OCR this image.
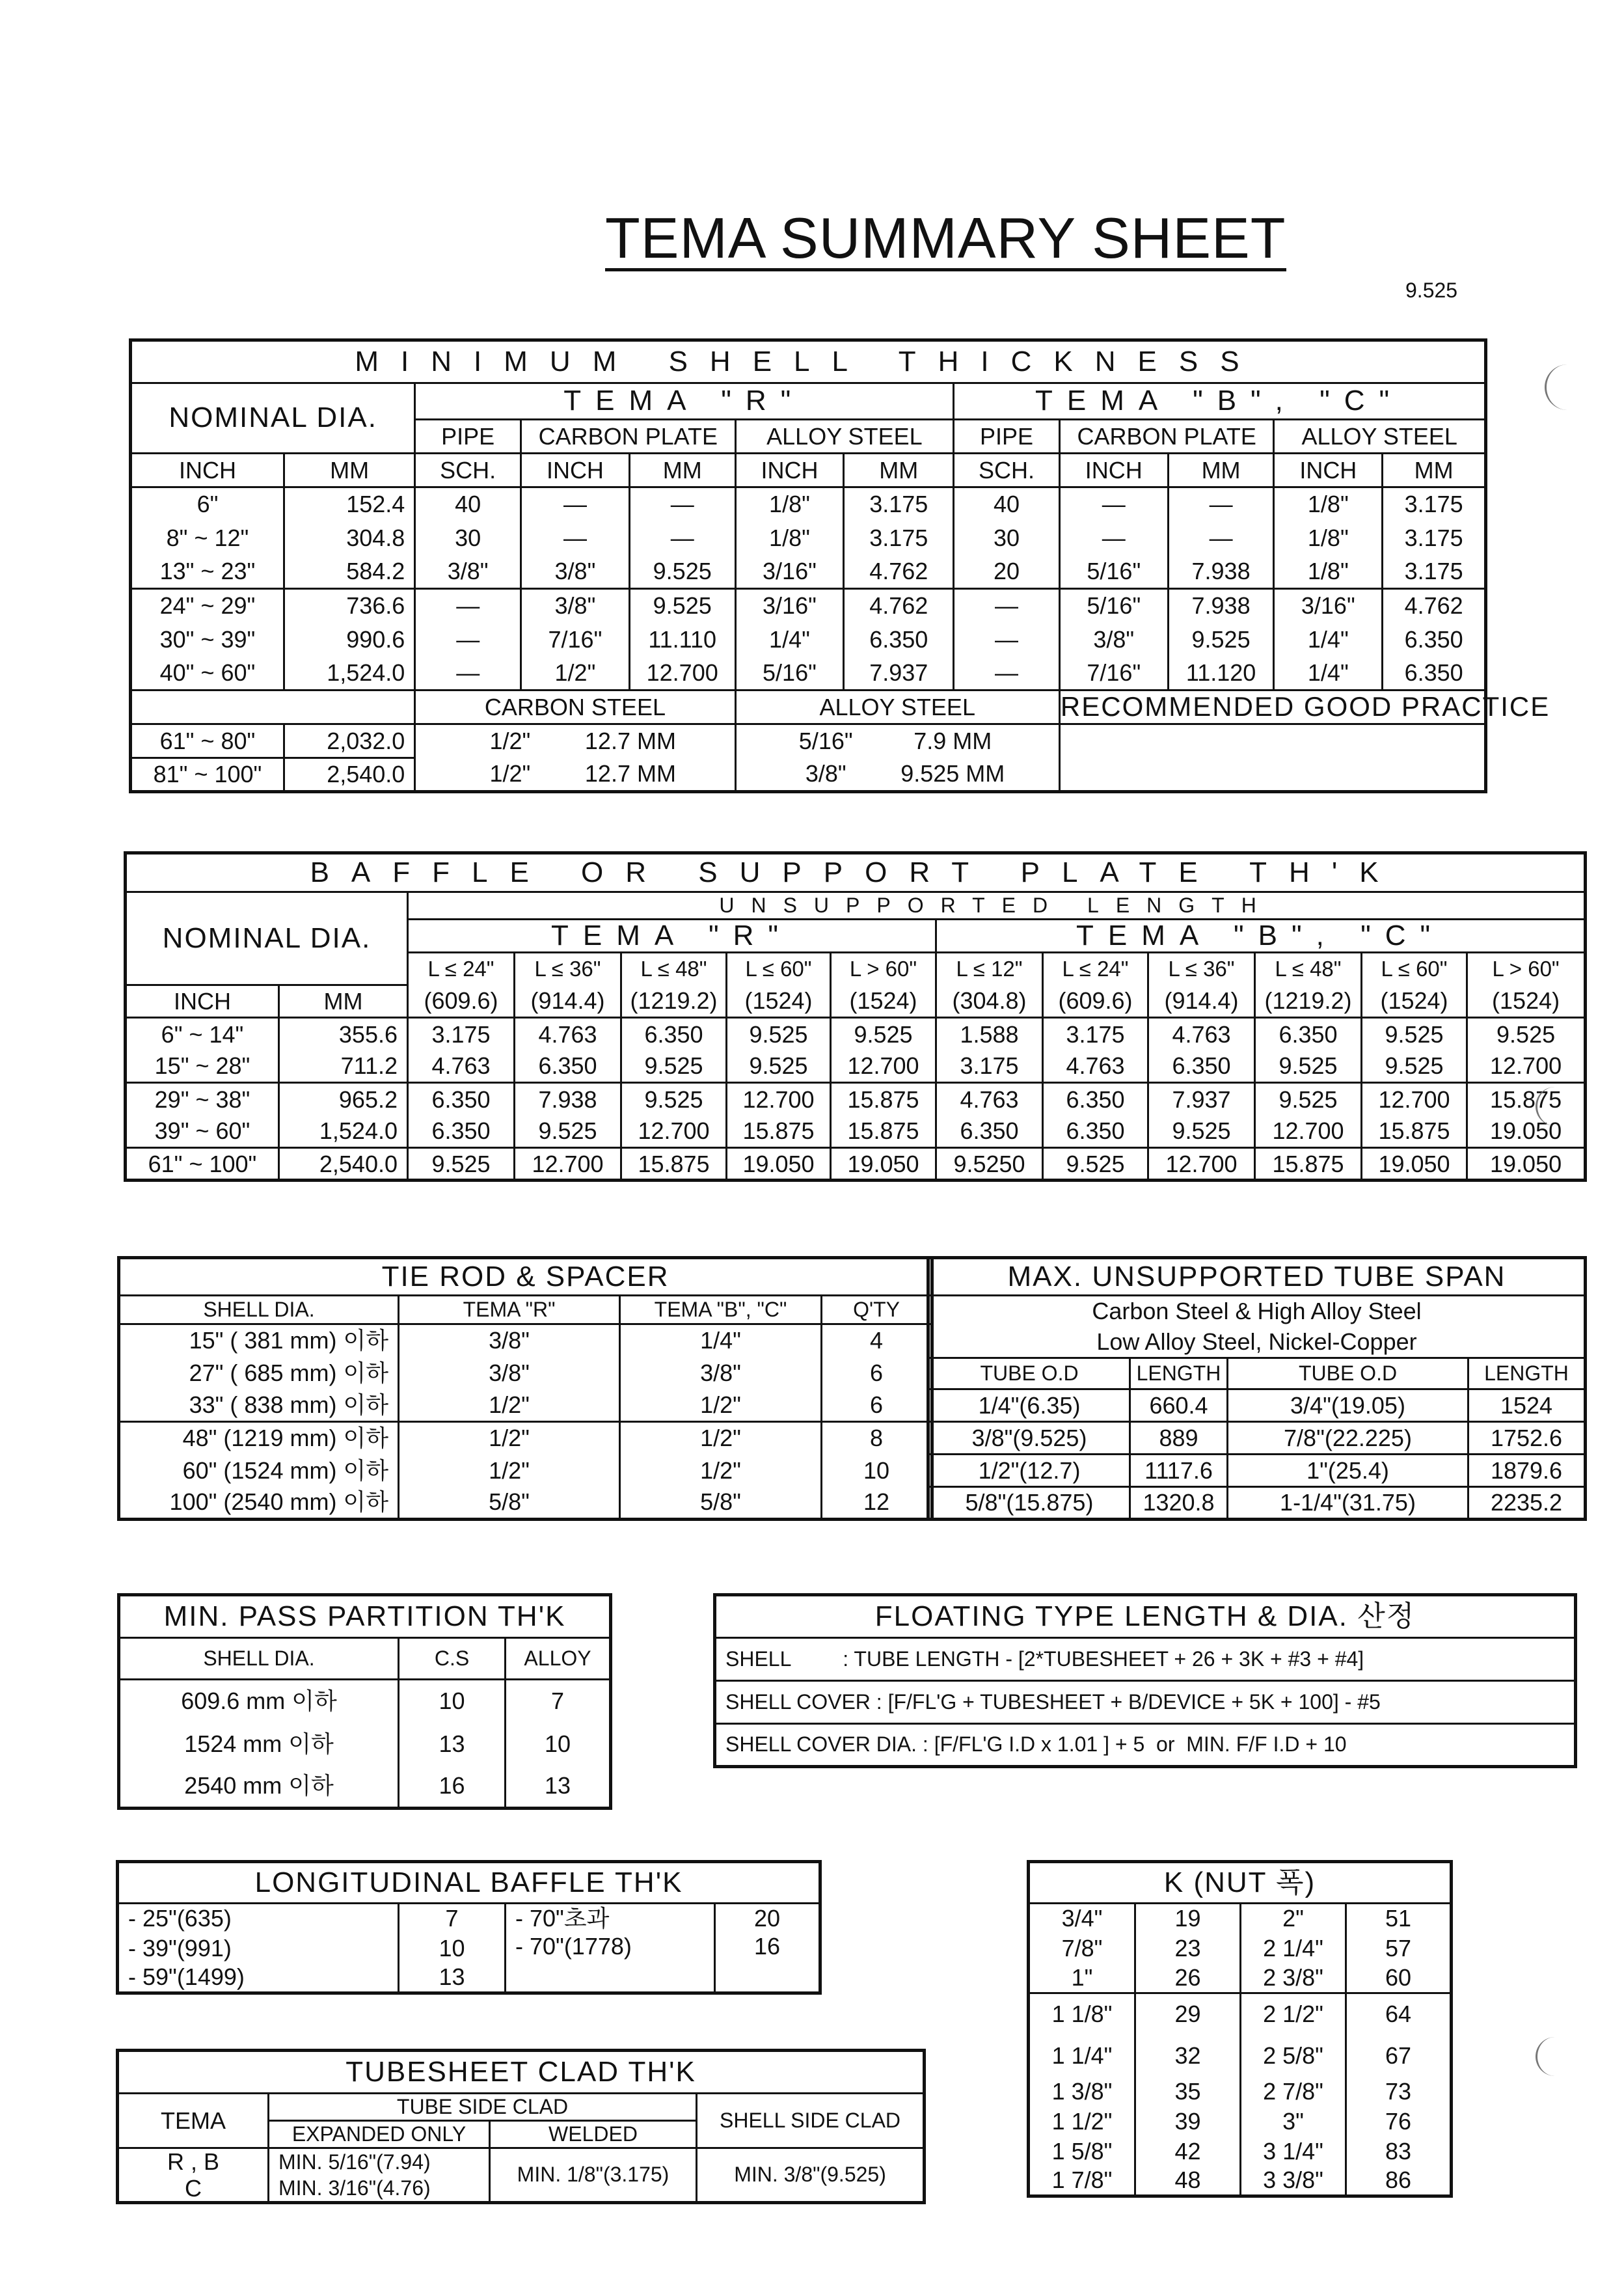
TEMA SUMMARY SHEET
9.525
MINIMUM SHELL THICKNESS											
NOMINAL DIA.		TEMA "R"					TEMA "B", "C"				
		PIPE	CARBON PLATE		ALLOY STEEL		PIPE	CARBON PLATE		ALLOY STEEL	
INCH	MM	SCH.	INCH	MM	INCH	MM	SCH.	INCH	MM	INCH	MM
6"	152.4	40	—	—	1/8"	3.175	40	—	—	1/8"	3.175
8" ~ 12"	304.8	30	—	—	1/8"	3.175	30	—	—	1/8"	3.175
13" ~ 23"	584.2	3/8"	3/8"	9.525	3/16"	4.762	20	5/16"	7.938	1/8"	3.175
24" ~ 29"	736.6	—	3/8"	9.525	3/16"	4.762	—	5/16"	7.938	3/16"	4.762
30" ~ 39"	990.6	—	7/16"	11.110	1/4"	6.350	—	3/8"	9.525	1/4"	6.350
40" ~ 60"	1,524.0	—	1/2"	12.700	5/16"	7.937	—	7/16"	11.120	1/4"	6.350
		CARBON STEEL			ALLOY STEEL			RECOMMENDED GOOD PRACTICE			
61" ~ 80"	2,032.0	1/2" 12.7 MM			5/16" 7.9 MM						
81" ~ 100"	2,540.0	1/2" 12.7 MM			3/8" 9.525 MM						
BAFFLE OR SUPPORT PLATE TH'K												
NOMINAL DIA.		UNSUPPORTED LENGTH										
		TEMA "R"					TEMA "B", "C"					
		L ≤ 24"	L ≤ 36"	L ≤ 48"	L ≤ 60"	L > 60"	L ≤ 12"	L ≤ 24"	L ≤ 36"	L ≤ 48"	L ≤ 60"	L > 60"
INCH	MM	(609.6)	(914.4)	(1219.2)	(1524)	(1524)	(304.8)	(609.6)	(914.4)	(1219.2)	(1524)	(1524)
6" ~ 14"	355.6	3.175	4.763	6.350	9.525	9.525	1.588	3.175	4.763	6.350	9.525	9.525
15" ~ 28"	711.2	4.763	6.350	9.525	9.525	12.700	3.175	4.763	6.350	9.525	9.525	12.700
29" ~ 38"	965.2	6.350	7.938	9.525	12.700	15.875	4.763	6.350	7.937	9.525	12.700	15.875
39" ~ 60"	1,524.0	6.350	9.525	12.700	15.875	15.875	6.350	6.350	9.525	12.700	15.875	19.050
61" ~ 100"	2,540.0	9.525	12.700	15.875	19.050	19.050	9.5250	9.525	12.700	15.875	19.050	19.050
TIE ROD & SPACER			
SHELL DIA.	TEMA "R"	TEMA "B", "C"	Q'TY
15" ( 381 mm) 이하	3/8"	1/4"	4
27" ( 685 mm) 이하	3/8"	3/8"	6
33" ( 838 mm) 이하	1/2"	1/2"	6
48" (1219 mm) 이하	1/2"	1/2"	8
60" (1524 mm) 이하	1/2"	1/2"	10
100" (2540 mm) 이하	5/8"	5/8"	12
MAX. UNSUPPORTED TUBE SPAN			
Carbon Steel & High Alloy Steel			
Low Alloy Steel, Nickel-Copper			
TUBE O.D	LENGTH	TUBE O.D	LENGTH
1/4"(6.35)	660.4	3/4"(19.05)	1524
3/8"(9.525)	889	7/8"(22.225)	1752.6
1/2"(12.7)	1117.6	1"(25.4)	1879.6
5/8"(15.875)	1320.8	1-1/4"(31.75)	2235.2
MIN. PASS PARTITION TH'K		
SHELL DIA.	C.S	ALLOY
609.6 mm 이하	10	7
1524 mm 이하	13	10
2540 mm 이하	16	13
FLOATING TYPE LENGTH & DIA. 산정
SHELL         : TUBE LENGTH - [2*TUBESHEET + 26 + 3K + #3 + #4]
SHELL COVER : [F/FL'G + TUBESHEET + B/DEVICE + 5K + 100] - #5
SHELL COVER DIA. : [F/FL'G I.D x 1.01 ] + 5  or  MIN. F/F I.D + 10
LONGITUDINAL BAFFLE TH'K			
- 25"(635)	7	- 70"초과	20
- 39"(991)	10	- 70"(1778)	16
- 59"(1499)	13		
TUBESHEET CLAD TH'K			
TEMA	TUBE SIDE CLAD		SHELL SIDE CLAD
	EXPANDED ONLY	WELDED	
R , B	MIN. 5/16"(7.94)	MIN. 1/8"(3.175)	MIN. 3/8"(9.525)
C	MIN. 3/16"(4.76)		
K (NUT 폭)			
3/4"	19	2"	51
7/8"	23	2 1/4"	57
1"	26	2 3/8"	60
1 1/8"	29	2 1/2"	64
1 1/4"	32	2 5/8"	67
1 3/8"	35	2 7/8"	73
1 1/2"	39	3"	76
1 5/8"	42	3 1/4"	83
1 7/8"	48	3 3/8"	86
